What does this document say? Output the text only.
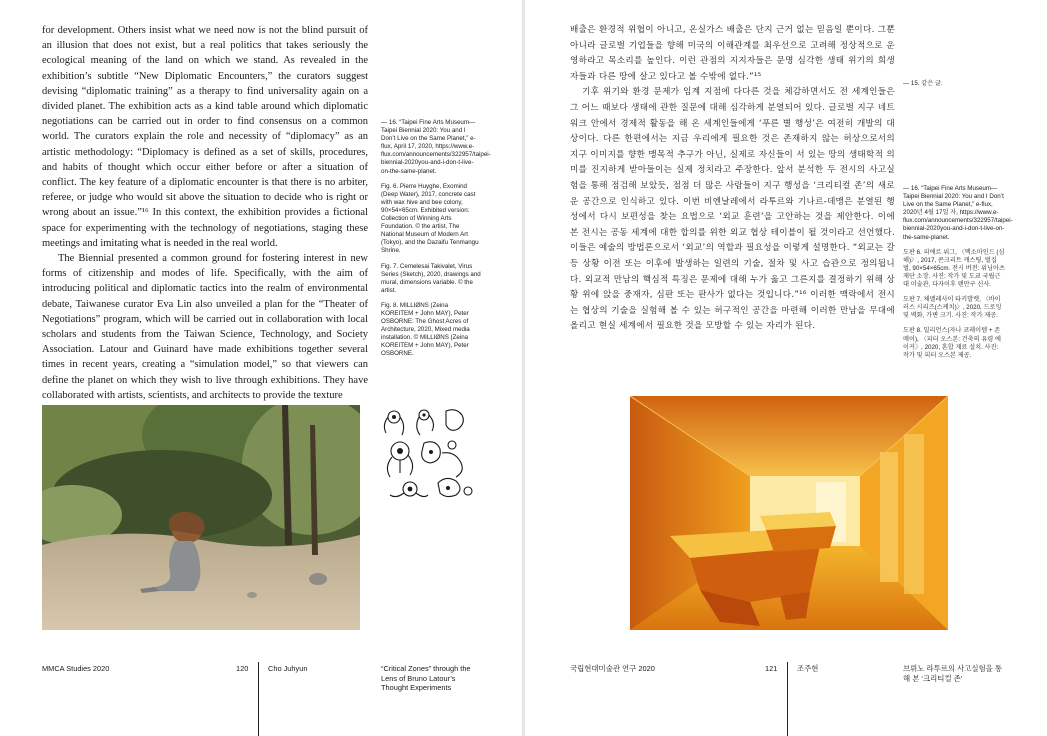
for development. Others insist what we need now is not the blind pursuit of an illusion that does not exist, but a real politics that takes seriously the ecological meaning of the land on which we stand. As revealed in the exhibition’s subtitle “New Diplomatic Encounters,” the curators suggest devising “diplomatic training” as a therapy to find universality again on a divided planet. The exhibition acts as a kind table around which diplomatic negotiations can be carried out in order to find consensus on a common world. The curators explain the role and necessity of “diplomacy” as an artistic methodology: “Diplomacy is defined as a set of skills, procedures, and habits of thought which occur either before or after a situation of conflict. The key feature of a diplomatic encounter is that there is no arbiter, referee, or judge who would sit above the situation to decide who is right or wrong about an issue.”¹⁶ In this context, the exhibition provides a fictional space for experimenting with the technology of negotiations, staging these meetings and imitating what is needed in the real world.

The Biennial presented a common ground for fostering interest in new forms of citizenship and modes of life. Specifically, with the aim of introducing political and diplomatic tactics into the realm of environmental debate, Taiwanese curator Eva Lin also unveiled a plan for the “Theater of Negotiations” program, which will be carried out in collaboration with local scholars and students from the Taiwan Science, Technology, and Society Association. Latour and Guinard have made exhibitions together several times in recent years, creating a “simulation model,” so that viewers can define the planet on which they wish to live through exhibitions. They have collaborated with artists, scientists, and architects to provide the texture

— 16. “Taipei Fine Arts Museum—Taipei Biennial 2020: You and I Don’t Live on the Same Planet,” e-flux, April 17, 2020, https://www.e-flux.com/announcements/322957/taipei-biennial-2020you-and-i-don-t-live-on-the-same-planet.
Fig. 6. Pierre Huyghe, Exomind (Deep Water), 2017, concrete cast with wax hive and bee colony, 90×54×65cm. Exhibited version: Collection of Winning Arts Foundation. © the artist, The National Museum of Modern Art (Tokyo), and the Dazaifu Tenmangu Shrine.
Fig. 7. Cemelesai Takivalet, Virus Series (Sketch), 2020, drawings and mural, dimensions variable. © the artist.
Fig. 8. MILLIØNS (Zeina KOREITEM + John MAY), Peter OSBORNE: The Ghost Acres of Architecture, 2020, Mixed media installation. © MILLIØNS (Zeina KOREITEM + John MAY), Peter OSBORNE.
MMCA Studies 2020	120	Cho Juhyun	“Critical Zones” through the Lens of Bruno Latour’s Thought Experiments

배출은 환경적 위협이 아니고, 온실가스 배출은 단지 근거 없는 믿음일 뿐이다. 그뿐 아니라 글로벌 기업들을 향해 미국의 이해관계를 최우선으로 고려해 정상적으로 운영하라고 목소리를 높인다. 이런 관점의 지지자들은 문명 심각한 생태 위기의 희생자들과 다른 땅에 살고 있다고 볼 수밖에 없다.”¹⁵

기후 위기와 환경 문제가 임계 지점에 다다른 것을 체감하면서도 전 세계인들은 그 어느 때보다 생태에 관한 질문에 대해 심각하게 분열되어 있다. 글로벌 지구 네트워크 안에서 경제적 활동을 해 온 세계인들에게 ‘푸른 별 행성’은 여전히 개발의 대상이다. 다른 한편에서는 지금 우리에게 필요한 것은 존재하지 않는 허상으로서의 지구 이미지를 향한 맹목적 추구가 아닌, 실제로 자신들이 서 있는 땅의 생태학적 의미를 진지하게 받아들이는 실제 정치라고 주장한다. 앞서 분석한 두 전시의 사고실험을 통해 점검해 보았듯, 점점 더 많은 사람들이 지구 행성을 ‘크리티컬 존’의 새로운 공간으로 인식하고 있다. 이번 비엔날레에서 라투르와 기나르-데맹은 분열된 행성에서 다시 보편성을 찾는 요법으로 ‘외교 훈련’을 고안하는 것을 제안한다. 이에 본 전시는 공동 세계에 대한 합의를 위한 외교 협상 테이블이 될 것이라고 선언했다. 이들은 예술의 방법론으로서 ‘외교’의 역할과 필요성을 이렇게 설명한다. “외교는 갈등 상황 이전 또는 이후에 발생하는 일련의 기술, 절차 및 사고 습관으로 정의됩니다. 외교적 만남의 핵심적 특징은 문제에 대해 누가 옳고 그른지를 결정하기 위해 상황 위에 앉을 중재자, 심판 또는 판사가 없다는 것입니다.”¹⁶ 이러한 맥락에서 전시는 협상의 기술을 실험해 볼 수 있는 허구적인 공간을 마련해 이러한 만남을 무대에 올리고 현실 세계에서 필요한 것을 모방할 수 있는 자리가 된다.

— 15. 같은 글.
— 16. “Taipei Fine Arts Museum—Taipei Biennial 2020: You and I Don’t Live on the Same Planet,” e-flux, 2020년 4월 17일 자, https://www.e-flux.com/announcements/322957/taipei-biennial-2020you-and-i-don-t-live-on-the-same-planet.
도판 6. 피에르 위그, 〈엑소마인드 (심해)〉, 2017, 콘크리트 캐스팅, 벌집 벌, 90×54×65cm. 전시 버전: 위닝아츠 재단 소장. 사진: 작가 및 도쿄 국립근대 미술관, 다자이후 텐만구 신사.
도판 7. 체멜레사이 타키발렛, 〈바이러스 시리즈(스케치)〉, 2020, 드로잉 및 벽화, 가변 크기. 사진: 작가 제공.
도판 8. 밀리언스(자나 코레이템 + 존 메이), 〈피터 오스본: 건축의 유령 에이커〉, 2020, 혼합 재료 설치. 사진: 작가 및 피터 오스본 제공.
국립현대미술관 연구 2020	121	조주현	브뤼노 라투르의 사고실험을 통해 본 ‘크리티컬 존’
